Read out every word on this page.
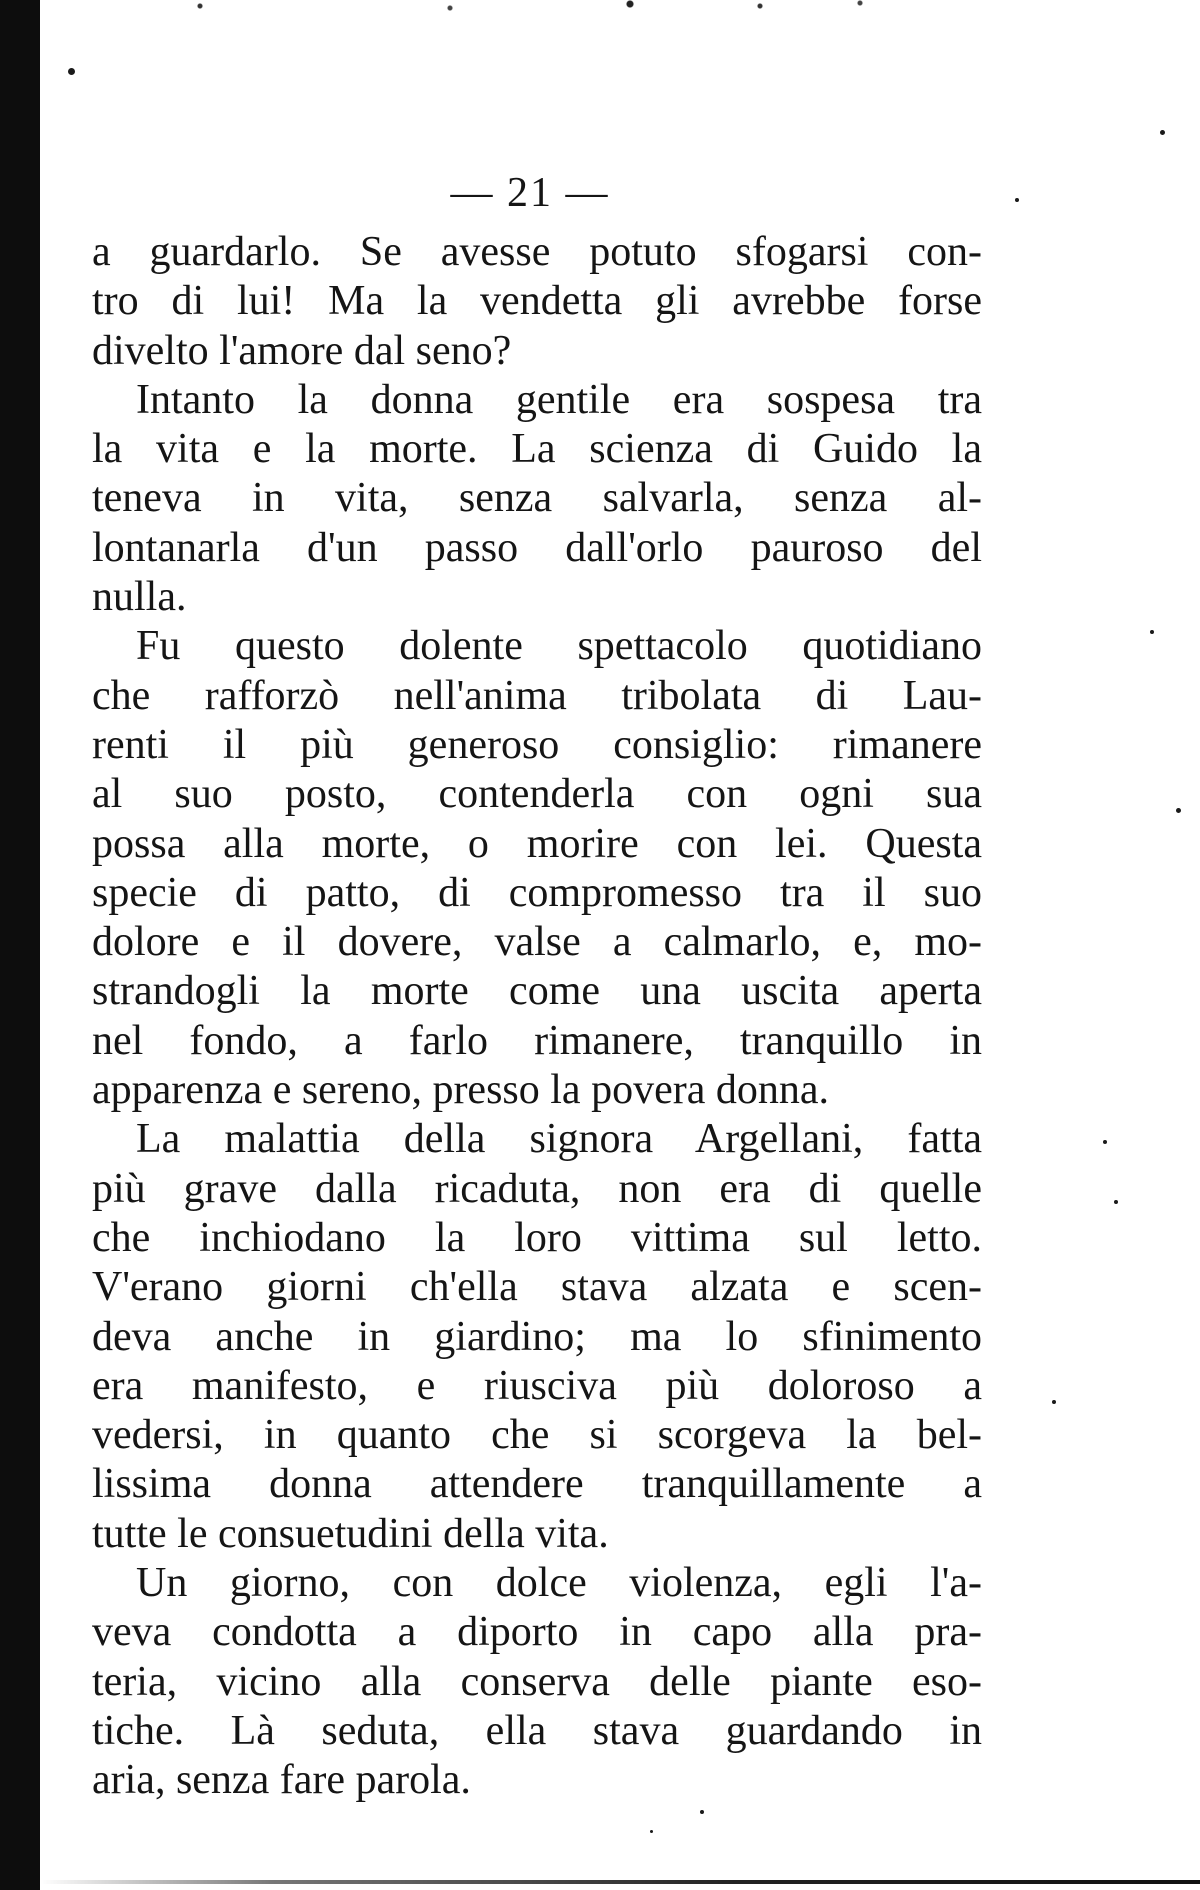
— 21 —
a guardarlo. Se avesse potuto sfogarsi con-
tro di lui! Ma la vendetta gli avrebbe forse
divelto l'amore dal seno?
Intanto la donna gentile era sospesa tra
la vita e la morte. La scienza di Guido la
teneva in vita, senza salvarla, senza al-
lontanarla d'un passo dall'orlo pauroso del
nulla.
Fu questo dolente spettacolo quotidiano
che rafforzò nell'anima tribolata di Lau-
renti il più generoso consiglio: rimanere
al suo posto, contenderla con ogni sua
possa alla morte, o morire con lei. Questa
specie di patto, di compromesso tra il suo
dolore e il dovere, valse a calmarlo, e, mo-
strandogli la morte come una uscita aperta
nel fondo, a farlo rimanere, tranquillo in
apparenza e sereno, presso la povera donna.
La malattia della signora Argellani, fatta
più grave dalla ricaduta, non era di quelle
che inchiodano la loro vittima sul letto.
V'erano giorni ch'ella stava alzata e scen-
deva anche in giardino; ma lo sfinimento
era manifesto, e riusciva più doloroso a
vedersi, in quanto che si scorgeva la bel-
lissima donna attendere tranquillamente a
tutte le consuetudini della vita.
Un giorno, con dolce violenza, egli l'a-
veva condotta a diporto in capo alla pra-
teria, vicino alla conserva delle piante eso-
tiche. Là seduta, ella stava guardando in
aria, senza fare parola.
